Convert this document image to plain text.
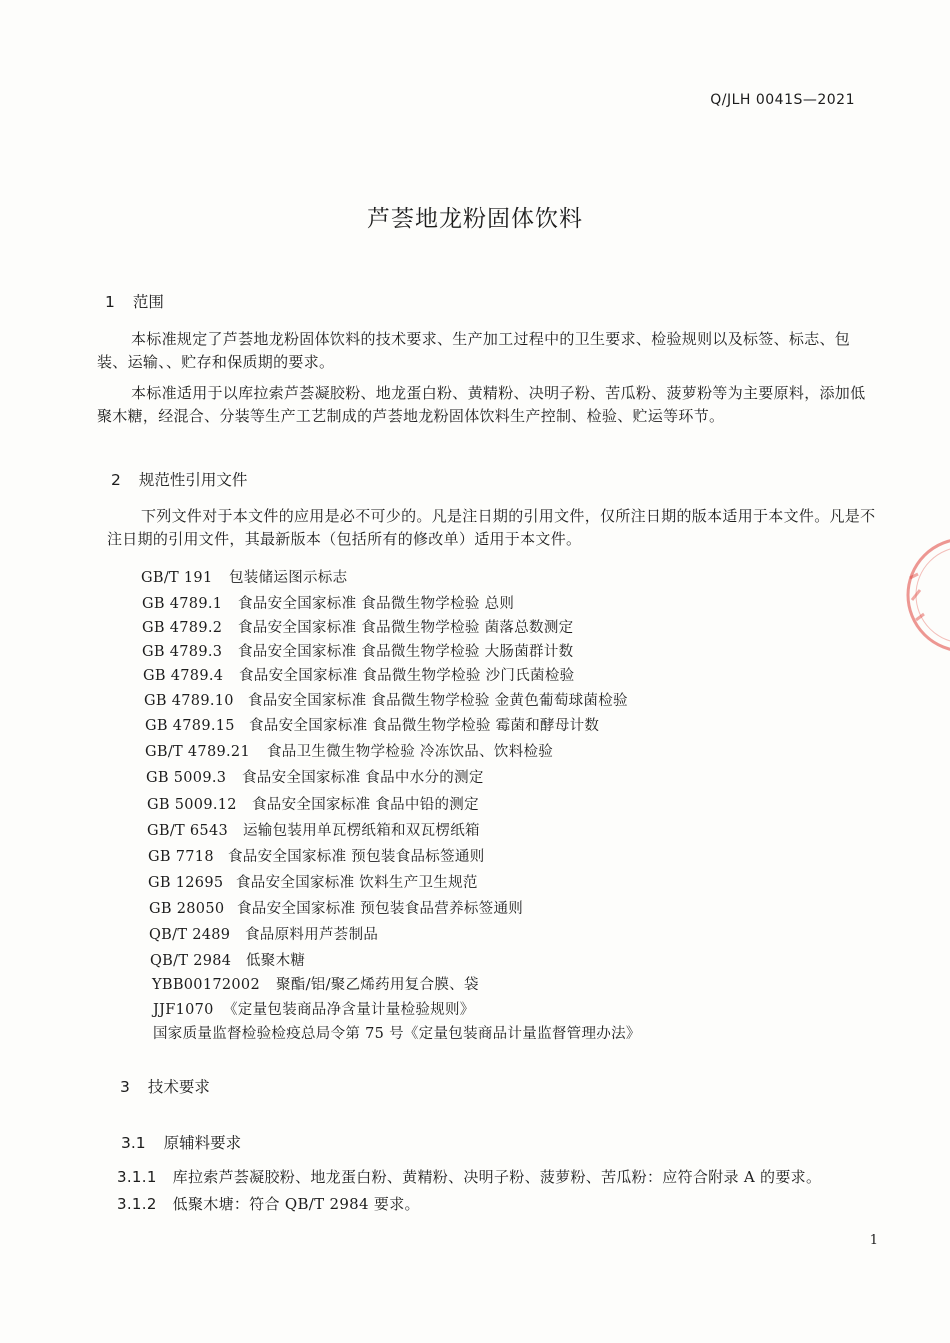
Q/JLH 0041S—2021
芦荟地龙粉固体饮料
1 范围
本标准规定了芦荟地龙粉固体饮料的技术要求、生产加工过程中的卫生要求、检验规则以及标签、标志、包装、运输、、贮存和保质期的要求。
本标准适用于以库拉索芦荟凝胶粉、地龙蛋白粉、黄精粉、决明子粉、苦瓜粉、菠萝粉等为主要原料，添加低聚木糖，经混合、分装等生产工艺制成的芦荟地龙粉固体饮料生产控制、检验、贮运等环节。
2 规范性引用文件
下列文件对于本文件的应用是必不可少的。凡是注日期的引用文件，仅所注日期的版本适用于本文件。凡是不注日期的引用文件，其最新版本（包括所有的修改单）适用于本文件。
GB/T 191 包装储运图示标志
GB 4789.1 食品安全国家标准 食品微生物学检验 总则
GB 4789.2 食品安全国家标准 食品微生物学检验 菌落总数测定
GB 4789.3 食品安全国家标准 食品微生物学检验 大肠菌群计数
GB 4789.4 食品安全国家标准 食品微生物学检验 沙门氏菌检验
GB 4789.10 食品安全国家标准 食品微生物学检验 金黄色葡萄球菌检验
GB 4789.15 食品安全国家标准 食品微生物学检验 霉菌和酵母计数
GB/T 4789.21 食品卫生微生物学检验 冷冻饮品、饮料检验
GB 5009.3 食品安全国家标准 食品中水分的测定
GB 5009.12 食品安全国家标准 食品中铅的测定
GB/T 6543 运输包装用单瓦楞纸箱和双瓦楞纸箱
GB 7718 食品安全国家标准 预包装食品标签通则
GB 12695 食品安全国家标准 饮料生产卫生规范
GB 28050 食品安全国家标准 预包装食品营养标签通则
QB/T 2489 食品原料用芦荟制品
QB/T 2984 低聚木糖
YBB00172002 聚酯/铝/聚乙烯药用复合膜、袋
JJF1070 《定量包装商品净含量计量检验规则》
国家质量监督检验检疫总局令第 75 号《定量包装商品计量监督管理办法》
3 技术要求
3.1 原辅料要求
3.1.1 库拉索芦荟凝胶粉、地龙蛋白粉、黄精粉、决明子粉、菠萝粉、苦瓜粉：应符合附录 A 的要求。
3.1.2 低聚木塘：符合 QB/T 2984 要求。
1
